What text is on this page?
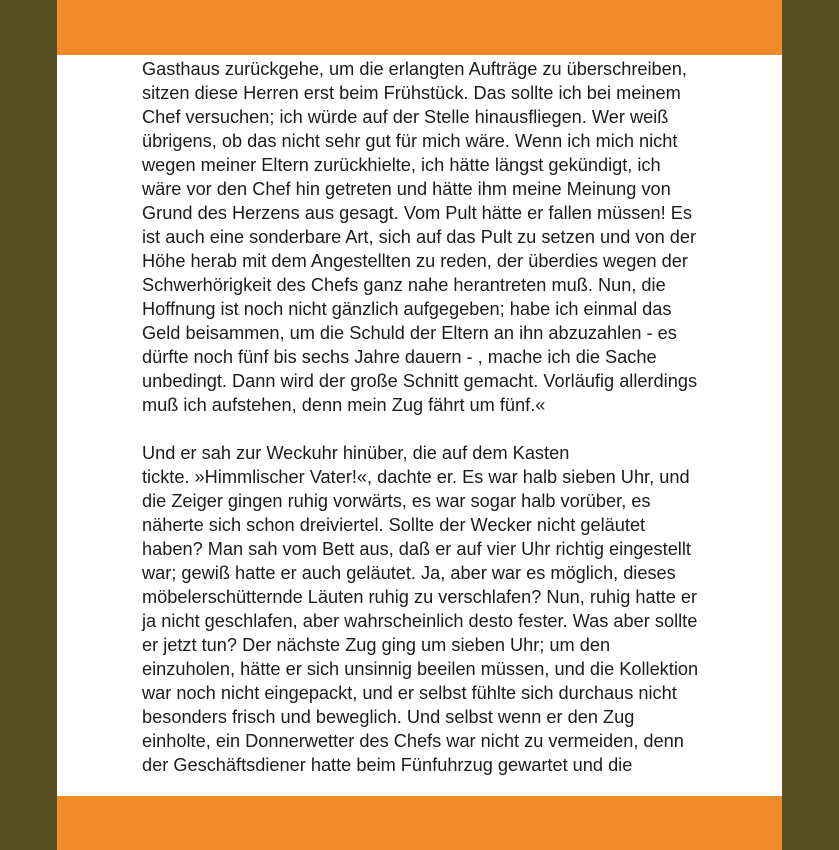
Gasthaus zurückgehe, um die erlangten Aufträge zu überschreiben,
sitzen diese Herren erst beim Frühstück. Das sollte ich bei meinem
Chef versuchen; ich würde auf der Stelle hinausfliegen. Wer weiß
übrigens, ob das nicht sehr gut für mich wäre. Wenn ich mich nicht
wegen meiner Eltern zurückhielte, ich hätte längst gekündigt, ich
wäre vor den Chef hin getreten und hätte ihm meine Meinung von
Grund des Herzens aus gesagt. Vom Pult hätte er fallen müssen! Es
ist auch eine sonderbare Art, sich auf das Pult zu setzen und von der
Höhe herab mit dem Angestellten zu reden, der überdies wegen der
Schwerhörigkeit des Chefs ganz nahe herantreten muß. Nun, die
Hoffnung ist noch nicht gänzlich aufgegeben; habe ich einmal das
Geld beisammen, um die Schuld der Eltern an ihn abzuzahlen - es
dürfte noch fünf bis sechs Jahre dauern - , mache ich die Sache
unbedingt. Dann wird der große Schnitt gemacht. Vorläufig allerdings
muß ich aufstehen, denn mein Zug fährt um fünf.«
Und er sah zur Weckuhr hinüber, die auf dem Kasten
tickte. »Himmlischer Vater!«, dachte er. Es war halb sieben Uhr, und
die Zeiger gingen ruhig vorwärts, es war sogar halb vorüber, es
näherte sich schon dreiviertel. Sollte der Wecker nicht geläutet
haben? Man sah vom Bett aus, daß er auf vier Uhr richtig eingestellt
war; gewiß hatte er auch geläutet. Ja, aber war es möglich, dieses
möbelerschütternde Läuten ruhig zu verschlafen? Nun, ruhig hatte er
ja nicht geschlafen, aber wahrscheinlich desto fester. Was aber sollte
er jetzt tun? Der nächste Zug ging um sieben Uhr; um den
einzuholen, hätte er sich unsinnig beeilen müssen, und die Kollektion
war noch nicht eingepackt, und er selbst fühlte sich durchaus nicht
besonders frisch und beweglich. Und selbst wenn er den Zug
einholte, ein Donnerwetter des Chefs war nicht zu vermeiden, denn
der Geschäftsdiener hatte beim Fünfuhrzug gewartet und die
